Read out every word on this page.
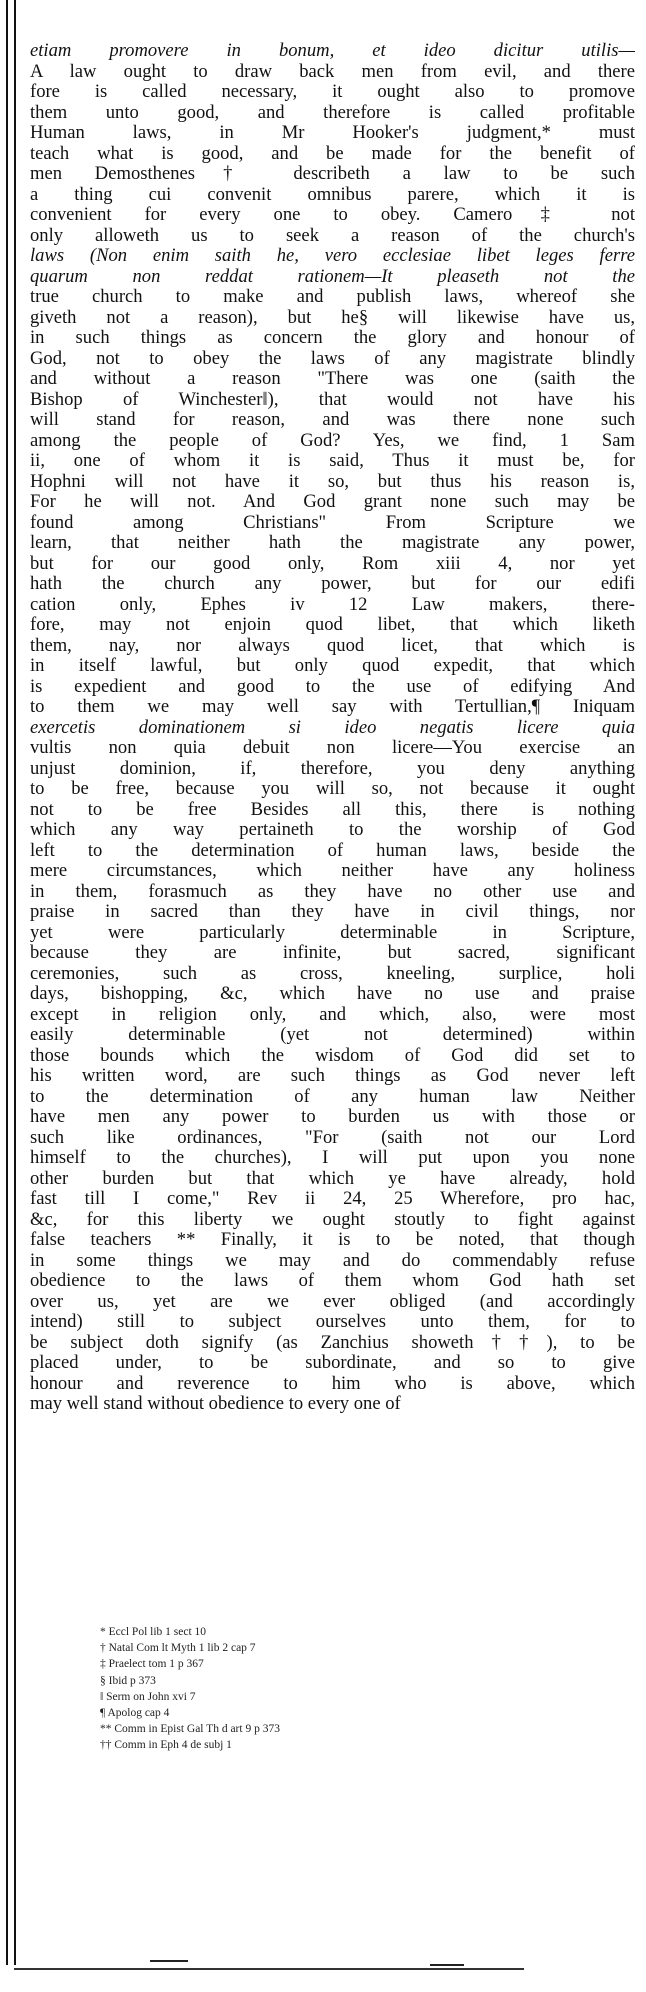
etiam promovere in bonum, et ideo dicitur utilis—
A law ought to draw back men from evil, and there
fore is called necessary, it ought also to promove
them unto good, and therefore is called profitable
Human laws, in Mr Hooker's judgment,* must
teach what is good, and be made for the benefit of
men Demosthenes† describeth a law to be such
a thing cui convenit omnibus parere, which it is
convenient for every one to obey. Camero‡ not
only alloweth us to seek a reason of the church's
laws (Non enim saith he, vero ecclesiae libet leges ferre
quarum non reddat rationem—It pleaseth not the
true church to make and publish laws, whereof she
giveth not a reason), but he§ will likewise have us,
in such things as concern the glory and honour of
God, not to obey the laws of any magistrate blindly
and without a reason "There was one (saith the
Bishop of Winchester‖), that would not have his
will stand for reason, and was there none such
among the people of God? Yes, we find, 1 Sam
ii, one of whom it is said, Thus it must be, for
Hophni will not have it so, but thus his reason is,
For he will not. And God grant none such may be
found among Christians" From Scripture we
learn, that neither hath the magistrate any power,
but for our good only, Rom xiii 4, nor yet
hath the church any power, but for our edifi
cation only, Ephes iv 12 Law makers, there-
fore, may not enjoin quod libet, that which liketh
them, nay, nor always quod licet, that which is
in itself lawful, but only quod expedit, that which
is expedient and good to the use of edifying And
to them we may well say with Tertullian,¶ Iniquam
exercetis dominationem si ideo negatis licere quia
vultis non quia debuit non licere—You exercise an
unjust dominion, if, therefore, you deny anything
to be free, because you will so, not because it ought
not to be free Besides all this, there is nothing
which any way pertaineth to the worship of God
left to the determination of human laws, beside the
mere circumstances, which neither have any holiness
in them, forasmuch as they have no other use and
praise in sacred than they have in civil things, nor
yet were particularly determinable in Scripture,
because they are infinite, but sacred, significant
ceremonies, such as cross, kneeling, surplice, holi
days, bishopping, &c, which have no use and praise
except in religion only, and which, also, were most
easily determinable (yet not determined) within
those bounds which the wisdom of God did set to
his written word, are such things as God never left
to the determination of any human law Neither
have men any power to burden us with those or
such like ordinances, "For (saith not our Lord
himself to the churches), I will put upon you none
other burden but that which ye have already, hold
fast till I come," Rev ii 24, 25 Wherefore, pro hac,
&c, for this liberty we ought stoutly to fight against
false teachers ** Finally, it is to be noted, that though
in some things we may and do commendably refuse
obedience to the laws of them whom God hath set
over us, yet are we ever obliged (and accordingly
intend) still to subject ourselves unto them, for to
be subject doth signify (as Zanchius showeth††), to be
placed under, to be subordinate, and so to give
honour and reverence to him who is above, which
may well stand without obedience to every one of
* Eccl Pol lib 1 sect 10
† Natal Com lt Myth 1 lib 2 cap 7
‡ Praelect tom 1 p 367
§ Ibid p 373
‖ Serm on John xvi 7
¶ Apolog cap 4
** Comm in Epist Gal Th d art 9 p 373
†† Comm in Eph 4 de subj 1
